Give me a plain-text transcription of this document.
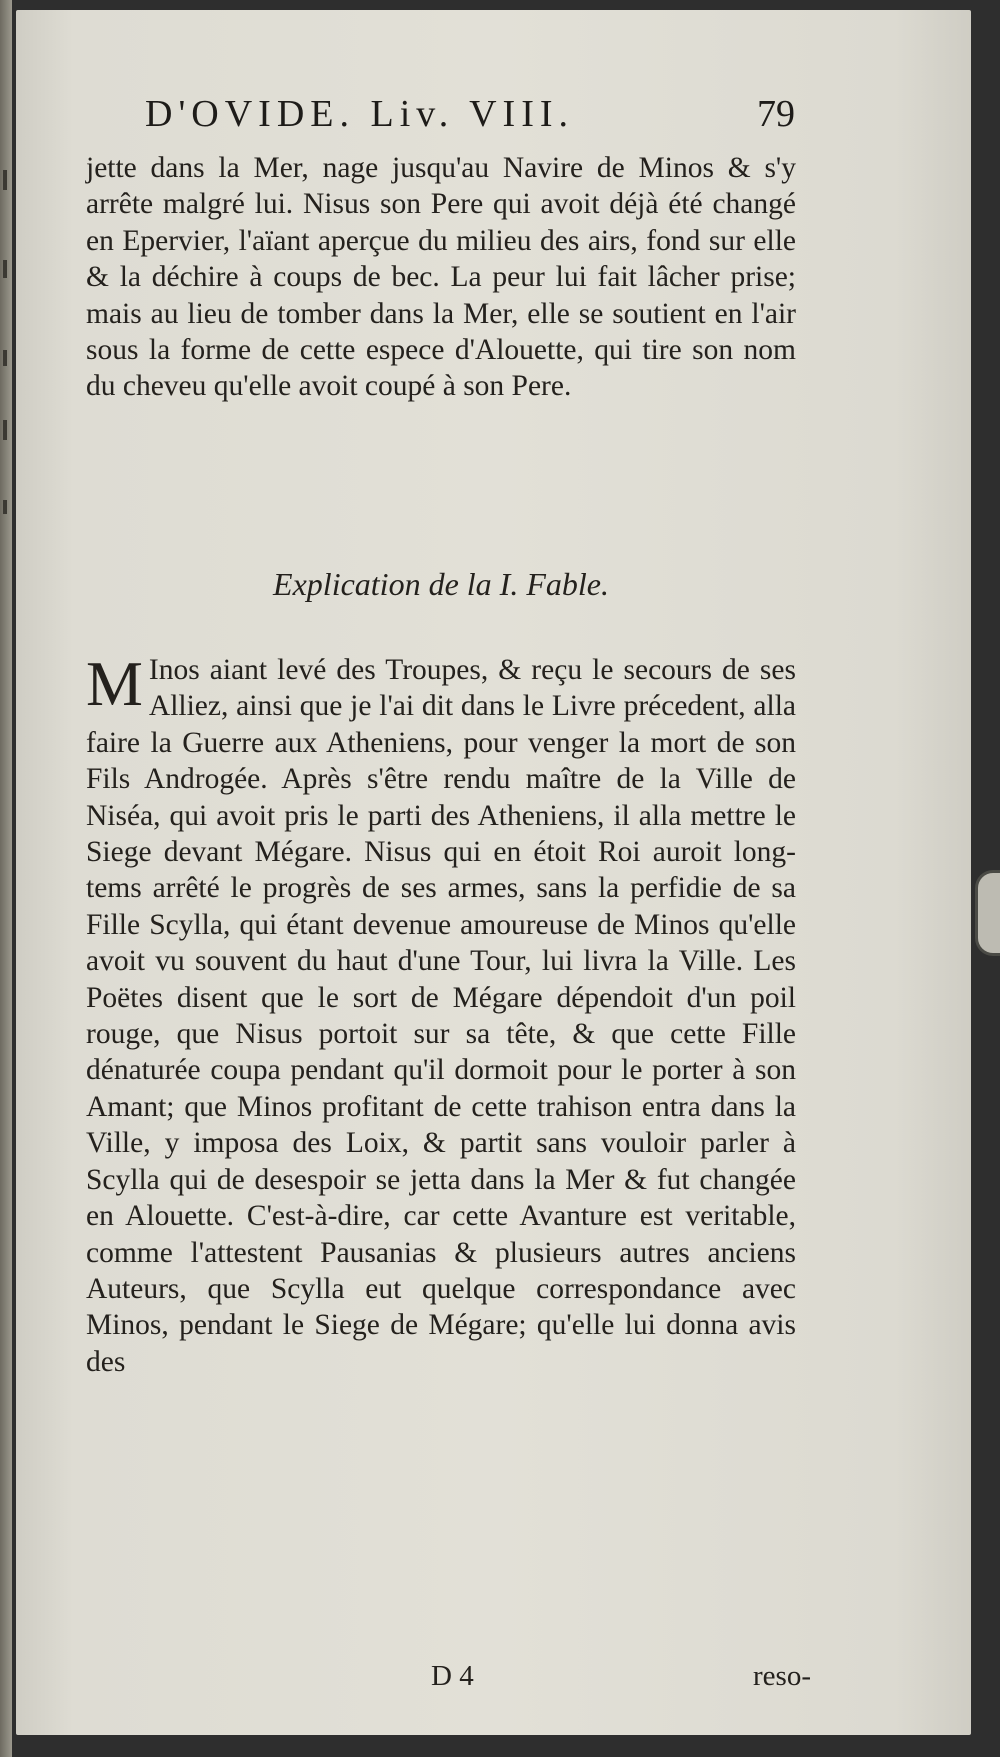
D'OVIDE. Liv. VIII.	79
jette dans la Mer, nage jusqu'au Navire de Minos & s'y arrête malgré lui. Nisus son Pere qui avoit déjà été changé en Epervier, l'aïant aperçue du milieu des airs, fond sur elle & la déchire à coups de bec. La peur lui fait lâcher prise; mais au lieu de tomber dans la Mer, elle se soutient en l'air sous la forme de cette espece d'Alouette, qui tire son nom du cheveu qu'elle avoit coupé à son Pere.
Explication de la I. Fable.
M Inos aiant levé des Troupes, & reçu le secours de ses Alliez, ainsi que je l'ai dit dans le Livre précedent, alla faire la Guerre aux Atheniens, pour venger la mort de son Fils Androgée. Après s'être rendu maître de la Ville de Niséa, qui avoit pris le parti des Atheniens, il alla mettre le Siege devant Mégare. Nisus qui en étoit Roi auroit long-tems arrêté le progrès de ses armes, sans la perfidie de sa Fille Scylla, qui étant devenue amoureuse de Minos qu'elle avoit vu souvent du haut d'une Tour, lui livra la Ville. Les Poëtes disent que le sort de Mégare dépendoit d'un poil rouge, que Nisus portoit sur sa tête, & que cette Fille dénaturée coupa pendant qu'il dormoit pour le porter à son Amant; que Minos profitant de cette trahison entra dans la Ville, y imposa des Loix, & partit sans vouloir parler à Scylla qui de desespoir se jetta dans la Mer & fut changée en Alouette. C'est-à-dire, car cette Avanture est veritable, comme l'attestent Pausanias & plusieurs autres anciens Auteurs, que Scylla eut quelque correspondance avec Minos, pendant le Siege de Mégare; qu'elle lui donna avis des
D 4	reso-
